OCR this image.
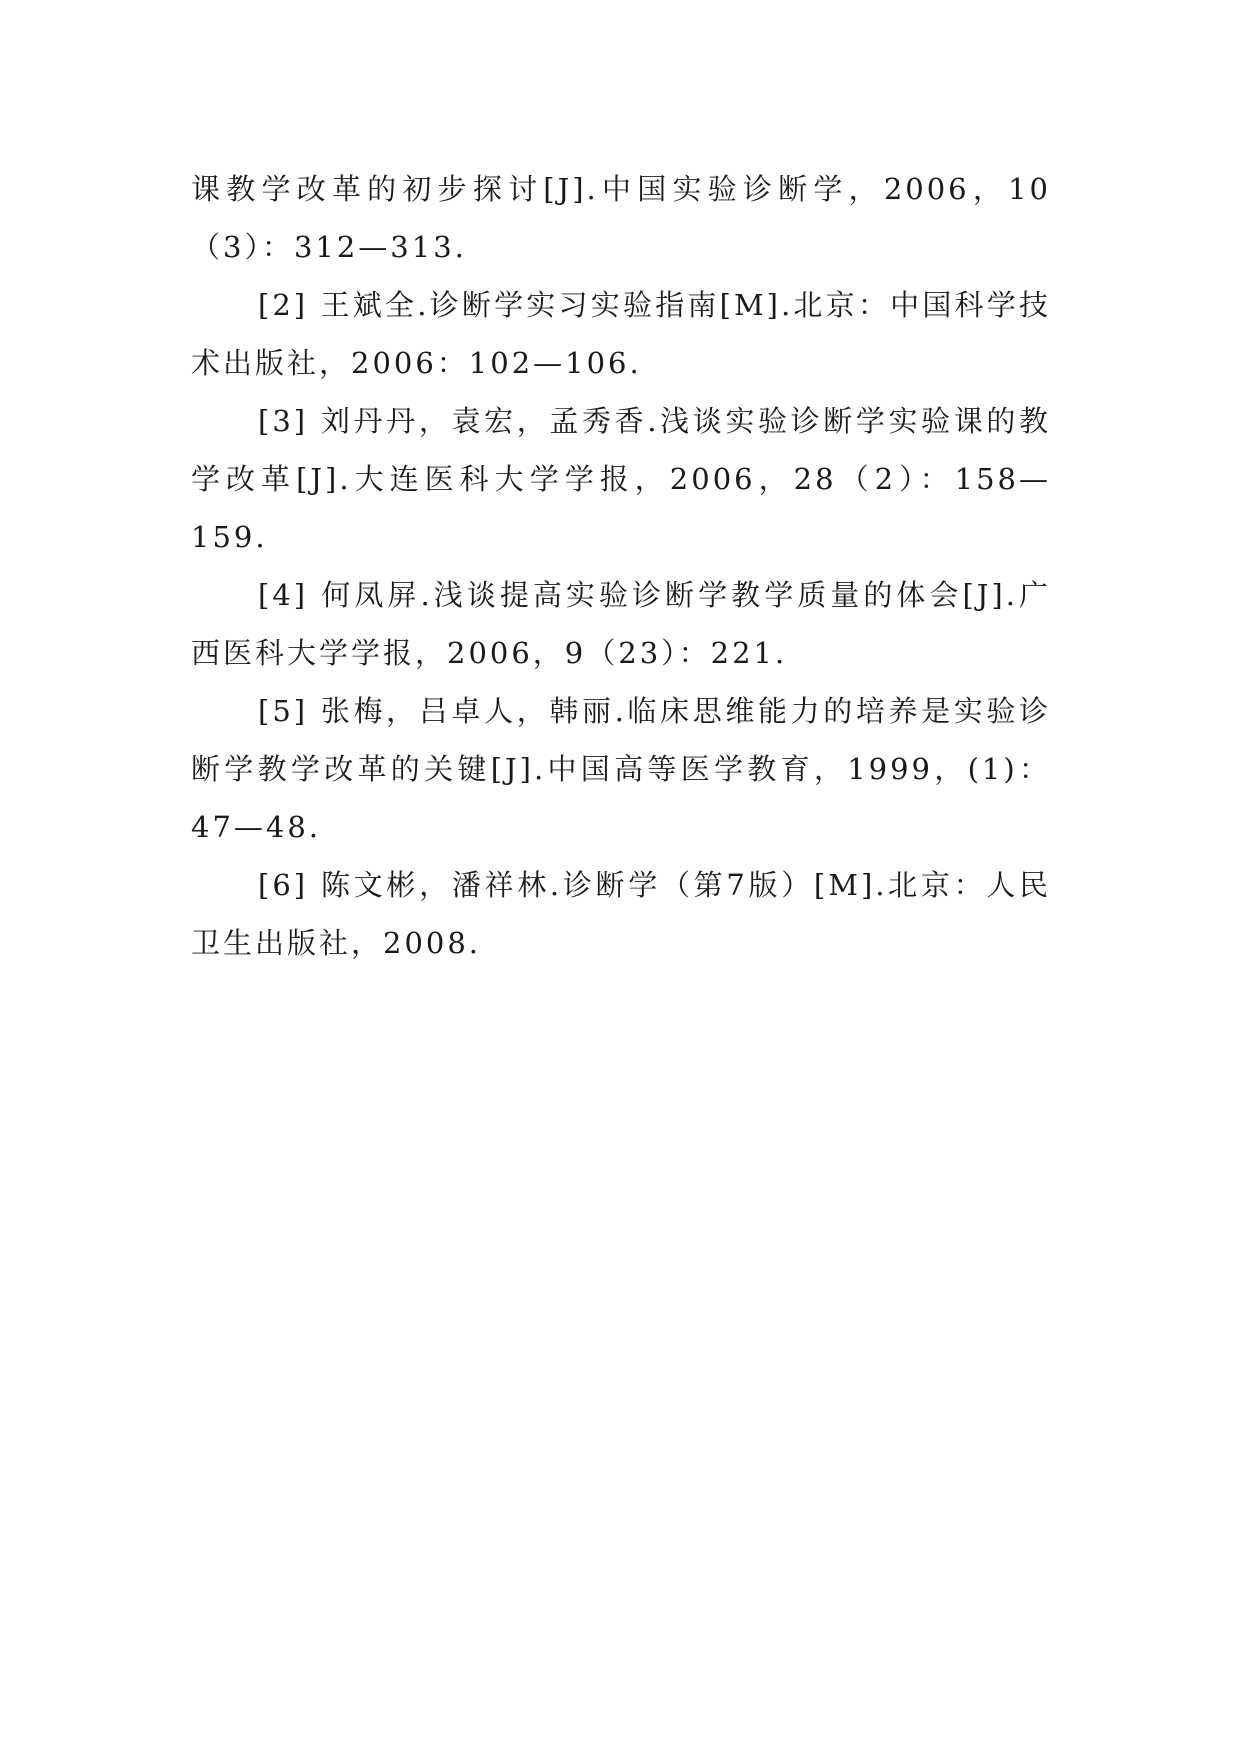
课教学改革的初步探讨[J].中国实验诊断学，2006，10（3）：312—313.

[2] 王斌全.诊断学实习实验指南[M].北京：中国科学技术出版社，2006：102—106.

[3] 刘丹丹，袁宏，孟秀香.浅谈实验诊断学实验课的教学改革[J].大连医科大学学报，2006，28（2）：158—159.

[4] 何凤屏.浅谈提高实验诊断学教学质量的体会[J].广西医科大学学报，2006，9（23）：221.

[5] 张梅，吕卓人，韩丽.临床思维能力的培养是实验诊断学教学改革的关键[J].中国高等医学教育，1999，(1)：47—48.

[6] 陈文彬，潘祥林.诊断学（第7版）[M].北京：人民卫生出版社，2008.
